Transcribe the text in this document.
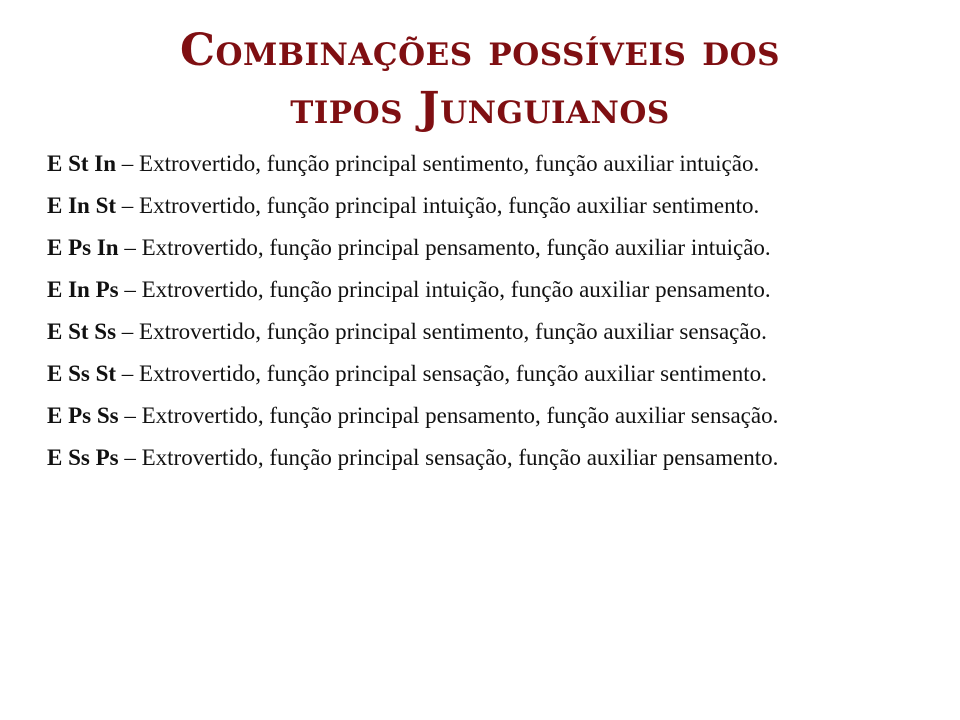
Combinações possíveis dos
tipos Junguianos
E St In – Extrovertido, função principal sentimento, função auxiliar intuição.
E In St – Extrovertido, função principal intuição, função auxiliar sentimento.
E Ps In – Extrovertido, função principal pensamento, função auxiliar intuição.
E In Ps – Extrovertido, função principal intuição, função auxiliar pensamento.
E St Ss – Extrovertido, função principal sentimento, função auxiliar sensação.
E Ss St – Extrovertido, função principal sensação, função auxiliar sentimento.
E Ps Ss – Extrovertido, função principal pensamento, função auxiliar sensação.
E Ss Ps – Extrovertido, função principal sensação, função auxiliar pensamento.
